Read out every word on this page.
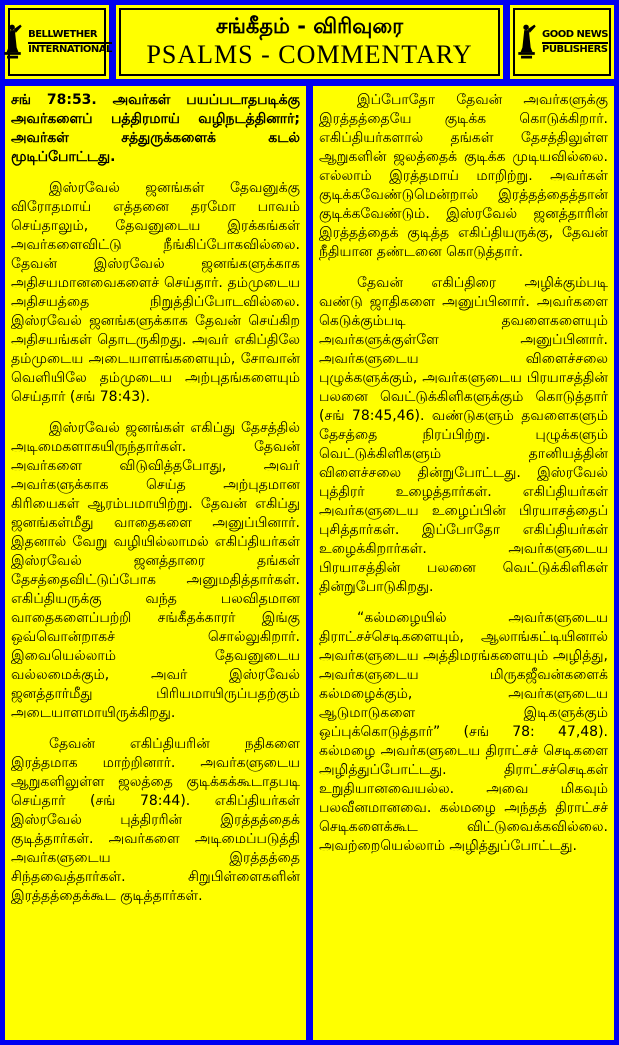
BELLWETHER
INTERNATIONAL
சங்கீதம் - விரிவுரை
PSALMS - COMMENTARY
GOOD NEWS
PUBLISHERS

சங் 78:53. அவர்கள் பயப்படாதபடிக்கு அவர்களைப் பத்திரமாய் வழிநடத்தினார்; அவர்கள் சத்துருக்களைக் கடல் மூடிப்போட்டது.

இஸ்ரவேல் ஜனங்கள் தேவனுக்கு விரோதமாய் எத்தனை தரமோ பாவம் செய்தாலும், தேவனுடைய இரக்கங்கள் அவர்களைவிட்டு நீங்கிப்போகவில்லை. தேவன் இஸ்ரவேல் ஜனங்களுக்காக அதிசயமானவைகளைச் செய்தார். தம்முடைய அதிசயத்தை நிறுத்திப்போடவில்லை. இஸ்ரவேல் ஜனங்களுக்காக தேவன் செய்கிற அதிசயங்கள் தொடருகிறது. அவர் எகிப்திலே தம்முடைய அடையாளங்களையும், சோவான் வெளியிலே தம்முடைய அற்புதங்களையும் செய்தார் (சங் 78:43).

இஸ்ரவேல் ஜனங்கள் எகிப்து தேசத்தில் அடிமைகளாகயிருந்தார்கள். தேவன் அவர்களை விடுவித்தபோது, அவர் அவர்களுக்காக செய்த அற்புதமான கிரியைகள் ஆரம்பமாயிற்று. தேவன் எகிப்து ஜனங்கள்மீது வாதைகளை அனுப்பினார். இதனால் வேறு வழியில்லாமல் எகிப்தியர்கள் இஸ்ரவேல் ஜனத்தாரை தங்கள் தேசத்தைவிட்டுப்போக அனுமதித்தார்கள். எகிப்தியருக்கு வந்த பலவிதமான வாதைகளைப்பற்றி சங்கீதக்காரர் இங்கு ஒவ்வொன்றாகச் சொல்லுகிறார். இவையெல்லாம் தேவனுடைய வல்லமைக்கும், அவர் இஸ்ரவேல் ஜனத்தார்மீது பிரியமாயிருப்பதற்கும் அடையாளமாயிருக்கிறது.

தேவன் எகிப்தியரின் நதிகளை இரத்தமாக மாற்றினார். அவர்களுடைய ஆறுகளிலுள்ள ஜலத்தை குடிக்கக்கூடாதபடி செய்தார் (சங் 78:44). எகிப்தியர்கள் இஸ்ரவேல் புத்திரரின் இரத்தத்தைக் குடித்தார்கள். அவர்களை அடிமைப்படுத்தி அவர்களுடைய இரத்தத்தை சிந்தவைத்தார்கள். சிறுபிள்ளைகளின் இரத்தத்தைக்கூட குடித்தார்கள்.

இப்போதோ தேவன் அவர்களுக்கு இரத்தத்தையே குடிக்க கொடுக்கிறார். எகிப்தியர்களால் தங்கள் தேசத்திலுள்ள ஆறுகளின் ஜலத்தைக் குடிக்க முடியவில்லை. எல்லாம் இரத்தமாய் மாறிற்று. அவர்கள் குடிக்கவேண்டுமென்றால் இரத்தத்தைத்தான் குடிக்கவேண்டும். இஸ்ரவேல் ஜனத்தாரின் இரத்தத்தைக் குடித்த எகிப்தியருக்கு, தேவன் நீதியான தண்டனை கொடுத்தார்.

தேவன் எகிப்திரை அழிக்கும்படி வண்டு ஜாதிகளை அனுப்பினார். அவர்களை கெடுக்கும்படி தவளைகளையும் அவர்களுக்குள்ளே அனுப்பினார். அவர்களுடைய விளைச்சலை புழுக்களுக்கும், அவர்களுடைய பிரயாசத்தின் பலனை வெட்டுக்கிளிகளுக்கும் கொடுத்தார் (சங் 78:45,46). வண்டுகளும் தவளைகளும் தேசத்தை நிரப்பிற்று. புழுக்களும் வெட்டுக்கிளிகளும் தானியத்தின் விளைச்சலை தின்றுபோட்டது. இஸ்ரவேல் புத்திரர் உழைத்தார்கள். எகிப்தியர்கள் அவர்களுடைய உழைப்பின் பிரயாசத்தைப் புசித்தார்கள். இப்போதோ எகிப்தியர்கள் உழைக்கிறார்கள். அவர்களுடைய பிரயாசத்தின் பலனை வெட்டுக்கிளிகள் தின்றுபோடுகிறது.

“கல்மழையில் அவர்களுடைய திராட்சச்செடிகளையும், ஆலாங்கட்டியினால் அவர்களுடைய அத்திமரங்களையும் அழித்து, அவர்களுடைய மிருகஜீவன்களைக் கல்மழைக்கும், அவர்களுடைய ஆடுமாடுகளை இடிகளுக்கும் ஒப்புக்கொடுத்தார்” (சங் 78: 47,48). கல்மழை அவர்களுடைய திராட்சச் செடிகளை அழித்துப்போட்டது. திராட்சச்செடிகள் உறுதியானவையல்ல. அவை மிகவும் பலவீனமானவை. கல்மழை அந்தத் திராட்சச் செடிகளைக்கூட விட்டுவைக்கவில்லை. அவற்றையெல்லாம் அழித்துப்போட்டது.
